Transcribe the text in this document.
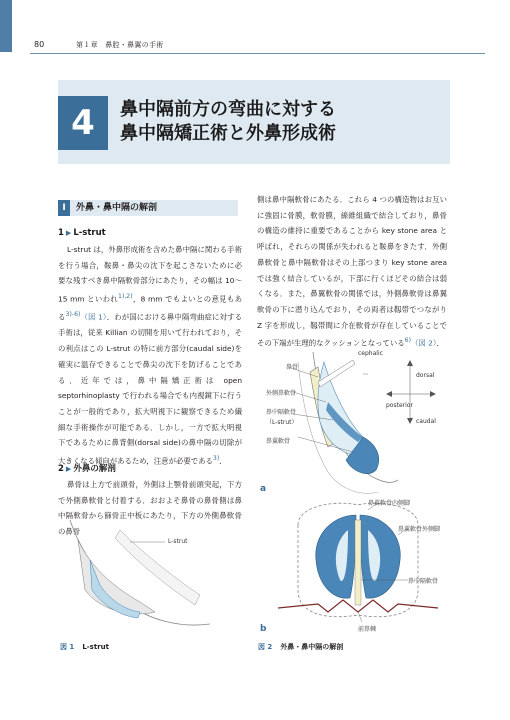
80	第１章　鼻腔・鼻翼の手術
4	鼻中隔前方の弯曲に対する
鼻中隔矯正術と外鼻形成術
I	外鼻・鼻中隔の解剖
1 ▶ L-strut

L-strut は，外鼻形成術を含めた鼻中隔に関わる手術を行う場合，鞍鼻・鼻尖の沈下を起こさないために必要な残すべき鼻中隔軟骨部分にあたり，その幅は 10～15 mm といわれ$^{1),2)}$，8 mm でもよいとの意見もある$^{3)-6)}$（図 1）．わが国における鼻中隔弯曲症に対する手術は，従来 Killian の切開を用いて行われており，その利点はこの L-strut の特に前方部分(caudal side)を確実に温存できることで鼻尖の沈下を防げることである．近年では，鼻中隔矯正術は open septorhinoplasty で行われる場合でも内視鏡下に行うことが一般的であり，拡大明視下に観察できるため繊細な手術操作が可能である．しかし，一方で拡大明視下であるために鼻背側(dorsal side)の鼻中隔の切除が大きくなる傾向があるため，注意が必要である$^{3)}$．

2 ▶ 外鼻の解剖

鼻骨は上方で前頭骨，外側は上顎骨前頭突起，下方で外側鼻軟骨と付着する．おおよそ鼻骨の鼻骨側は鼻中隔軟骨から篩骨正中板にあたり，下方の外側鼻軟骨の鼻骨

側は鼻中隔軟骨にあたる．これら 4 つの構造物はお互いに強固に骨膜，軟骨膜，線維組織で結合しており，鼻骨の構造の維持に重要であることから key stone area と呼ばれ，それらの関係が失われると鞍鼻をきたす．外側鼻軟骨と鼻中隔軟骨はその上部つまり key stone area では強く結合しているが，下部に行くほどその結合は弱くなる．また，鼻翼軟骨の関係では，外側鼻軟骨は鼻翼軟骨の下に潜り込んでおり，その両者は靱帯でつながり Z 字を形成し，靱帯間に介在軟骨が存在していることでその下端が生理的なクッションとなっている$^{6)}$（図 2）．

鼻骨
外側鼻軟骨
鼻中隔軟骨
（L-strut）
鼻翼軟骨
cephalic
dorsal
posterior
caudal
a
鼻翼軟骨内側脚
鼻翼軟骨外側脚
鼻中隔軟骨
前鼻棘
b
L-strut
図 1 L-strut	図 2 外鼻・鼻中隔の解剖
